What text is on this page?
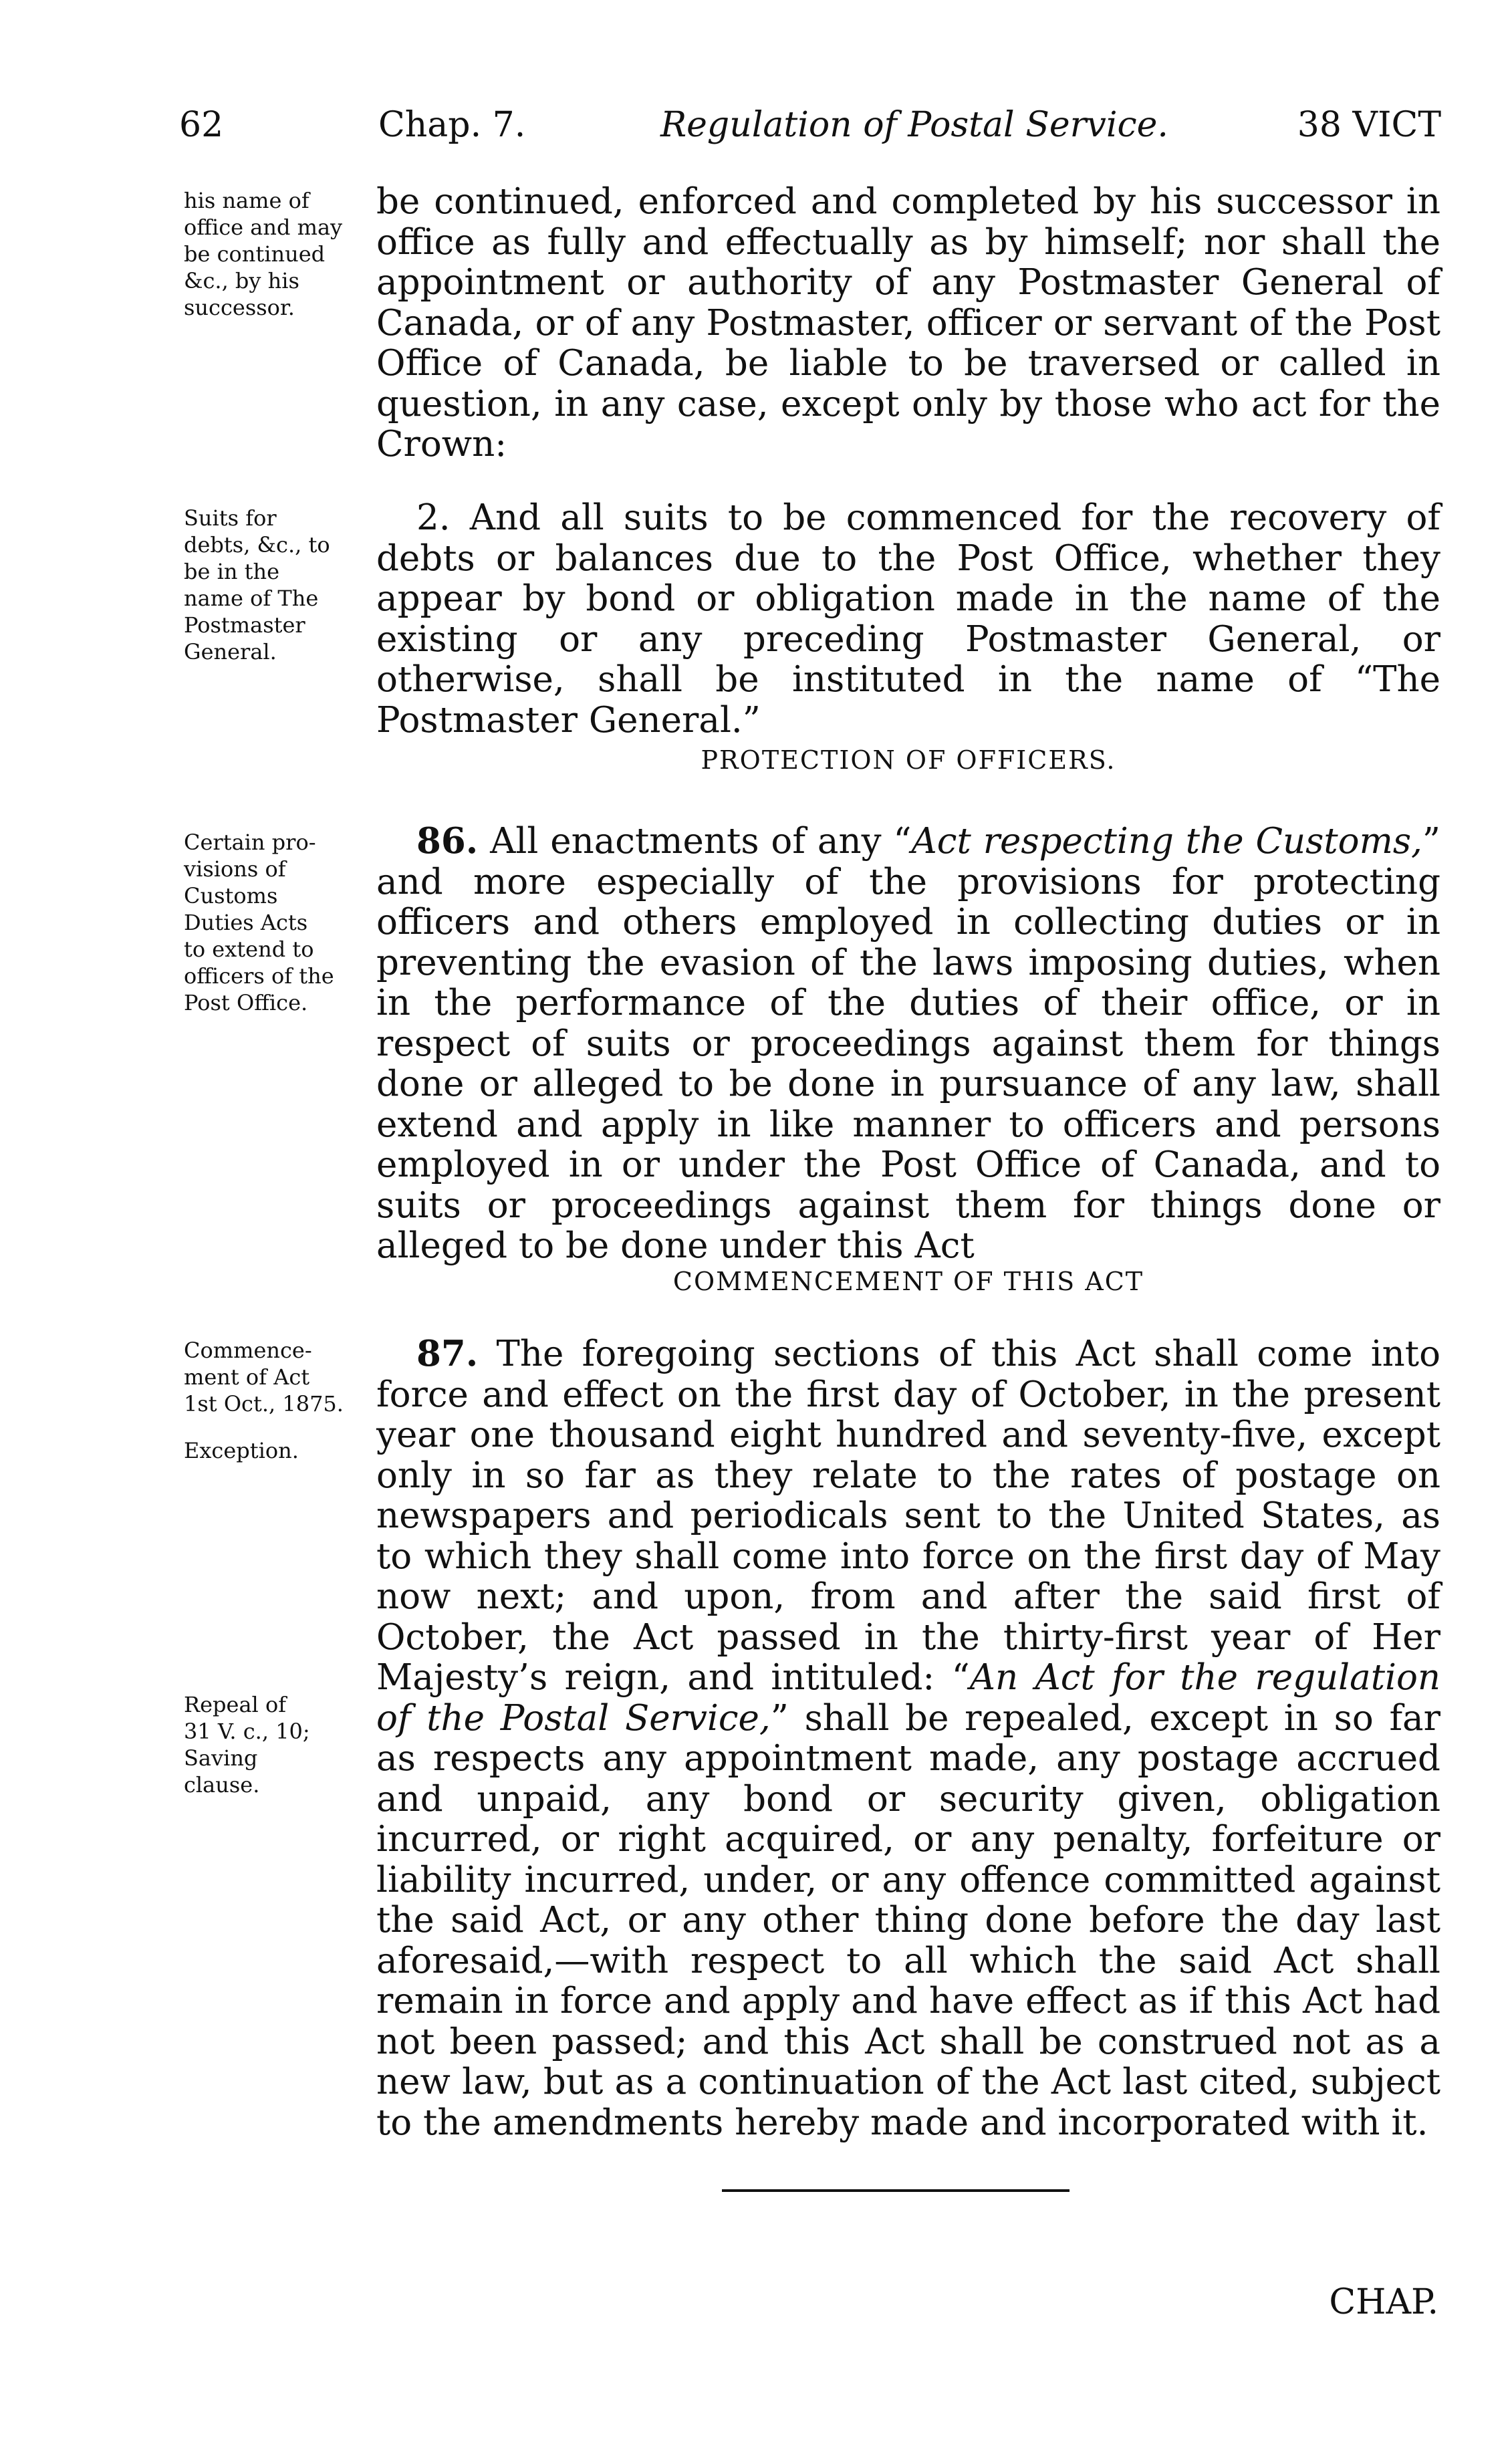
62	Chap. 7.	Regulation of Postal Service.	38 VICT
his name of
office and may
be continued
&c., by his
successor.
Suits for
debts, &c., to
be in the
name of The
Postmaster
General.
Certain pro-
visions of
Customs
Duties Acts
to extend to
officers of the
Post Office.
Commence-
ment of Act
1st Oct., 1875.
Exception.
Repeal of
31 V. c., 10;
Saving
clause.

be continued, enforced and completed by his successor in office as fully and effectually as by himself; nor shall the appointment or authority of any Postmaster General of Canada, or of any Postmaster, officer or servant of the Post Office of Canada, be liable to be traversed or called in question, in any case, except only by those who act for the Crown:

2. And all suits to be commenced for the recovery of debts or balances due to the Post Office, whether they appear by bond or obligation made in the name of the existing or any preceding Postmaster General, or otherwise, shall be instituted in the name of “The Postmaster General.”

PROTECTION OF OFFICERS.

86. All enactments of any “Act respecting the Customs,” and more especially of the provisions for protecting officers and others employed in collecting duties or in preventing the evasion of the laws imposing duties, when in the performance of the duties of their office, or in respect of suits or proceedings against them for things done or alleged to be done in pursuance of any law, shall extend and apply in like manner to officers and persons employed in or under the Post Office of Canada, and to suits or proceedings against them for things done or alleged to be done under this Act

COMMENCEMENT OF THIS ACT

87. The foregoing sections of this Act shall come into force and effect on the first day of October, in the present year one thousand eight hundred and seventy-five, except only in so far as they relate to the rates of postage on newspapers and periodicals sent to the United States, as to which they shall come into force on the first day of May now next; and upon, from and after the said first of October, the Act passed in the thirty-first year of Her Majesty’s reign, and intituled: “An Act for the regulation of the Postal Service,” shall be repealed, except in so far as respects any appointment made, any postage accrued and unpaid, any bond or security given, obligation incurred, or right acquired, or any penalty, forfeiture or liability incurred, under, or any offence committed against the said Act, or any other thing done before the day last aforesaid,—with respect to all which the said Act shall remain in force and apply and have effect as if this Act had not been passed; and this Act shall be construed not as a new law, but as a continuation of the Act last cited, subject to the amendments hereby made and incorporated with it.

CHAP.
